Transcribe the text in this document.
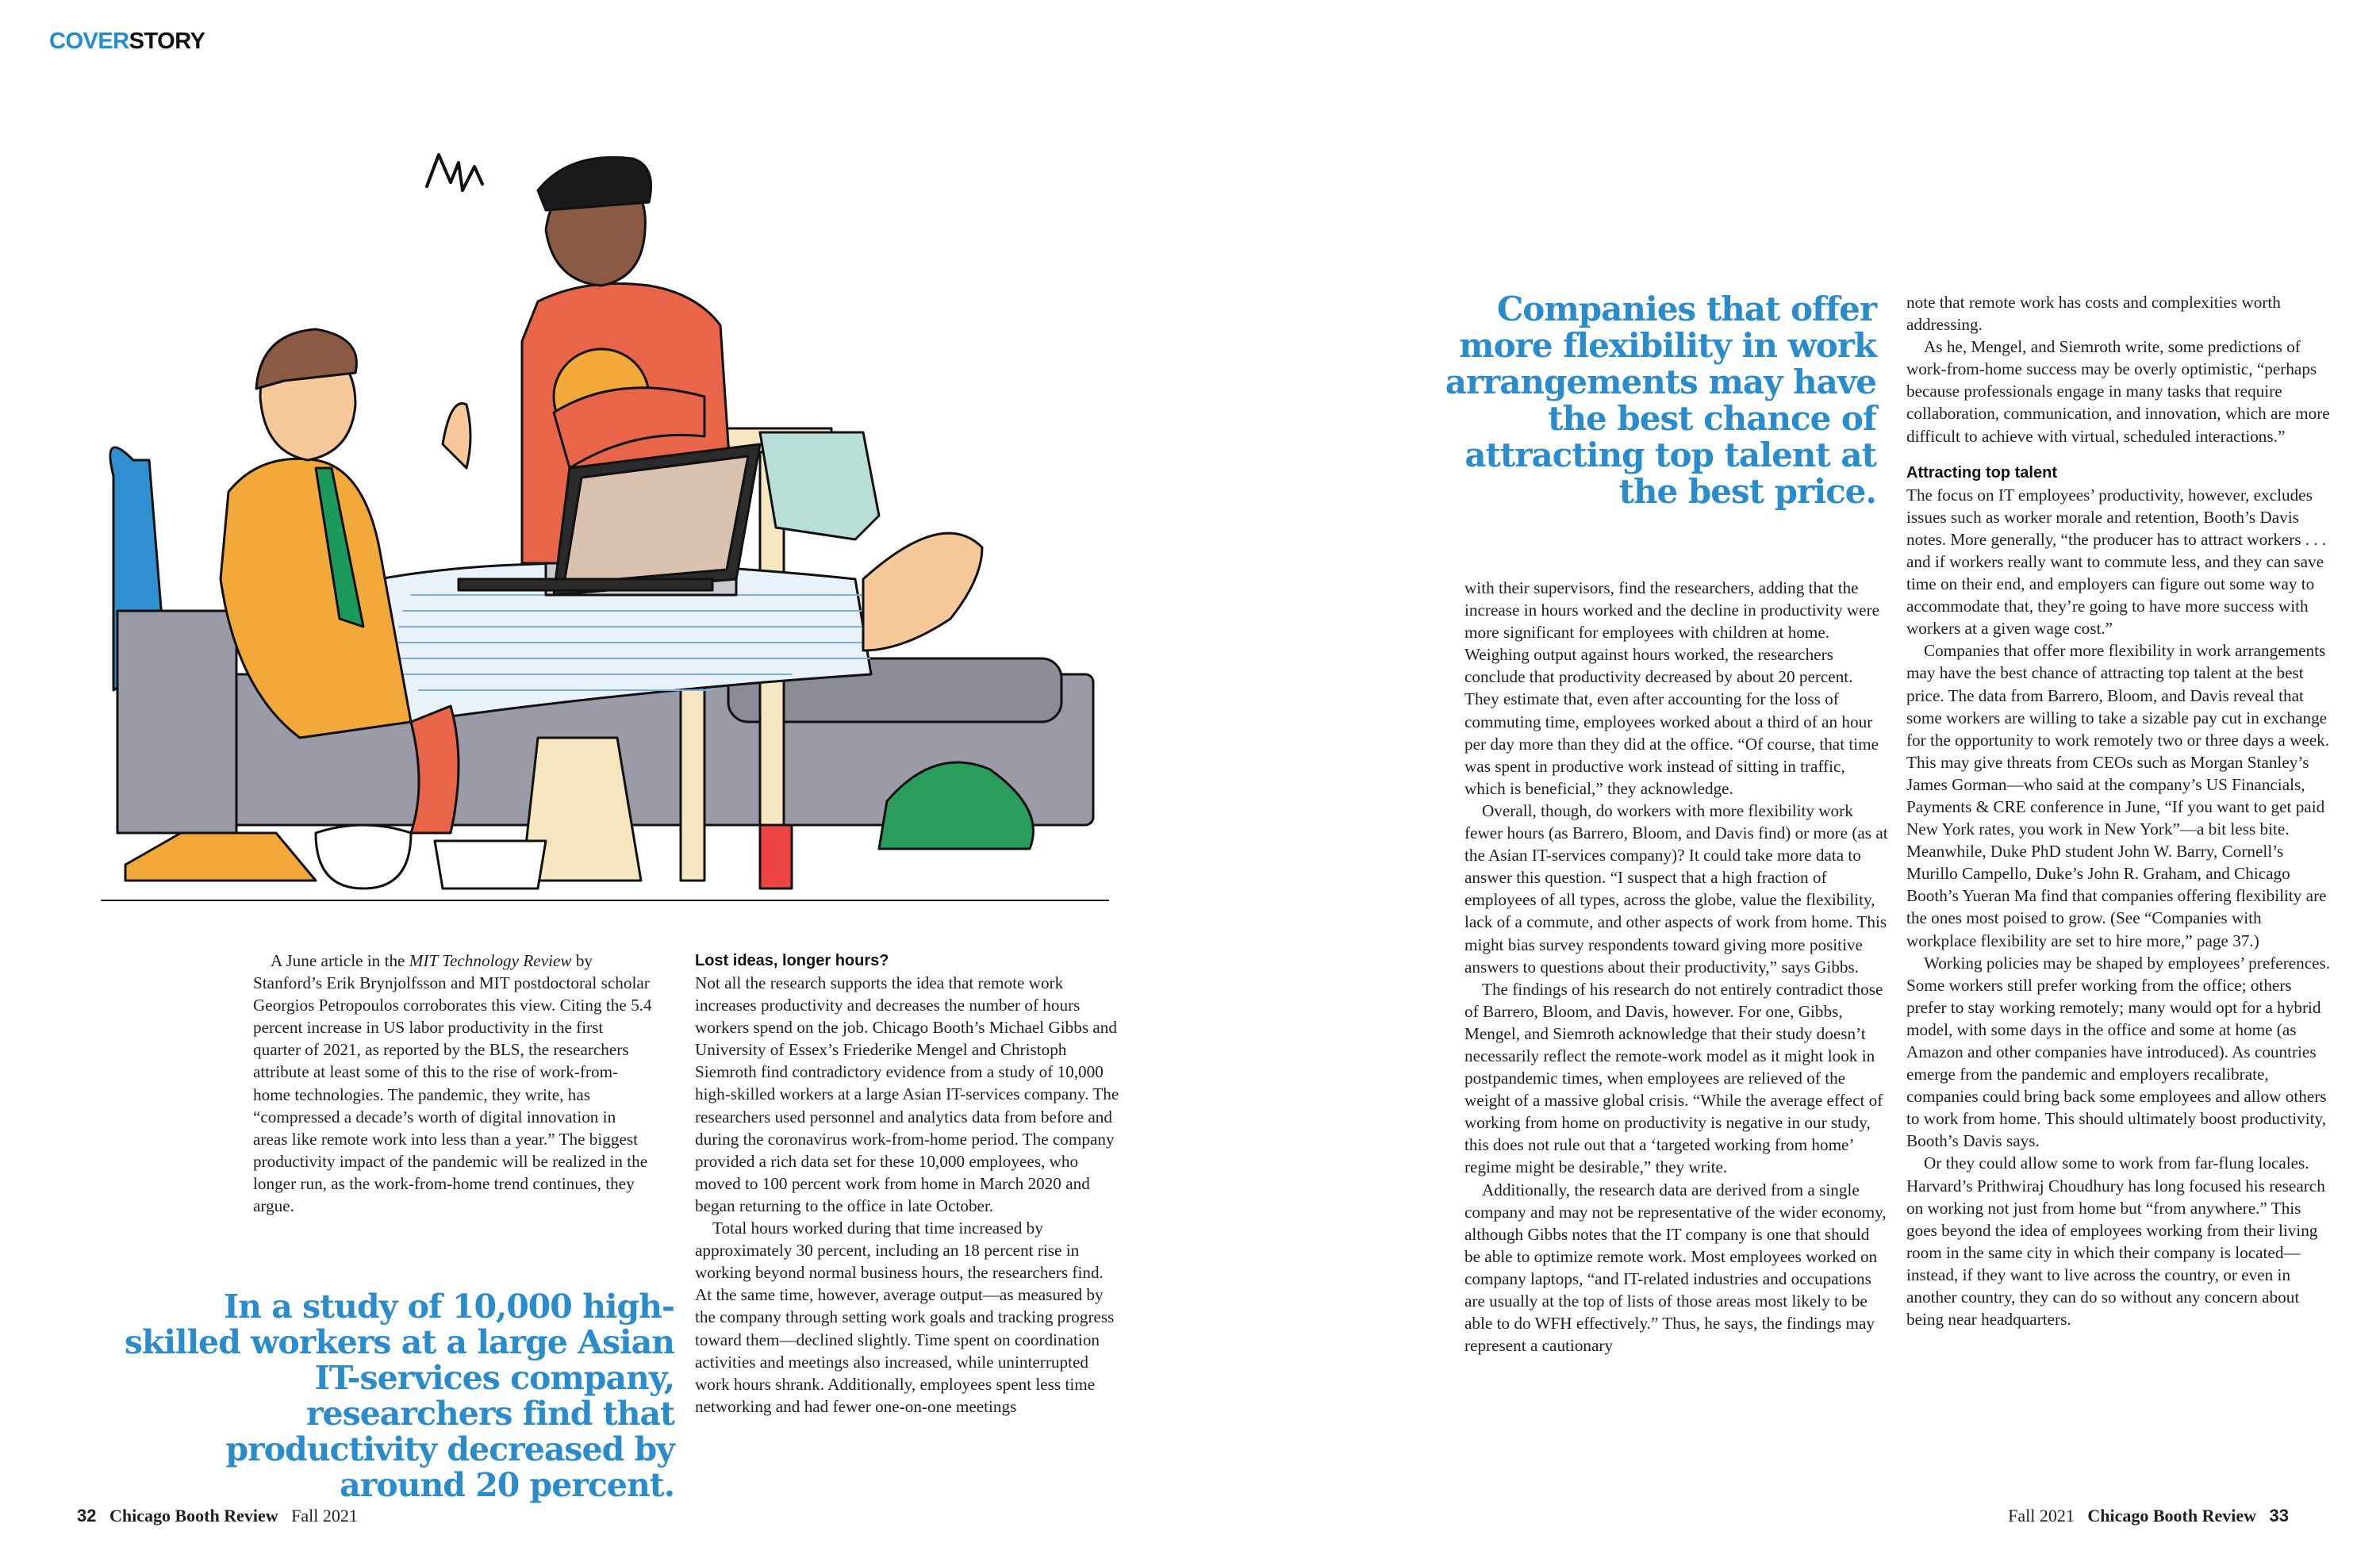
COVERSTORY

A June article in the MIT Technology Review by Stanford’s Erik Brynjolfsson and MIT postdoctoral scholar Georgios Petropoulos corroborates this view. Citing the 5.4 percent increase in US labor productivity in the first quarter of 2021, as reported by the BLS, the researchers attribute at least some of this to the rise of work-from-home technologies. The pandemic, they write, has “compressed a decade’s worth of digital innovation in areas like remote work into less than a year.” The biggest productivity impact of the pandemic will be realized in the longer run, as the work-from-home trend continues, they argue.

In a study of 10,000 high-skilled workers at a large Asian IT-services company, researchers find that productivity decreased by around 20 percent.
Lost ideas, longer hours?

Not all the research supports the idea that remote work increases productivity and decreases the number of hours workers spend on the job. Chicago Booth’s Michael Gibbs and University of Essex’s Friederike Mengel and Christoph Siemroth find contradictory evidence from a study of 10,000 high-skilled workers at a large Asian IT-services company. The researchers used personnel and analytics data from before and during the coronavirus work-from-home period. The company provided a rich data set for these 10,000 employees, who moved to 100 percent work from home in March 2020 and began returning to the office in late October.

Total hours worked during that time increased by approximately 30 percent, including an 18 percent rise in working beyond normal business hours, the researchers find. At the same time, however, average output—as measured by the company through setting work goals and tracking progress toward them—declined slightly. Time spent on coordination activities and meetings also increased, while uninterrupted work hours shrank. Additionally, employees spent less time networking and had fewer one-on-one meetings

Companies that offer more flexibility in work arrangements may have the best chance of attracting top talent at the best price.

with their supervisors, find the researchers, adding that the increase in hours worked and the decline in productivity were more significant for employees with children at home. Weighing output against hours worked, the researchers conclude that productivity decreased by about 20 percent. They estimate that, even after accounting for the loss of commuting time, employees worked about a third of an hour per day more than they did at the office. “Of course, that time was spent in productive work instead of sitting in traffic, which is beneficial,” they acknowledge.

Overall, though, do workers with more flexibility work fewer hours (as Barrero, Bloom, and Davis find) or more (as at the Asian IT-services company)? It could take more data to answer this question. “I suspect that a high fraction of employees of all types, across the globe, value the flexibility, lack of a commute, and other aspects of work from home. This might bias survey respondents toward giving more positive answers to questions about their productivity,” says Gibbs.

The findings of his research do not entirely contradict those of Barrero, Bloom, and Davis, however. For one, Gibbs, Mengel, and Siemroth acknowledge that their study doesn’t necessarily reflect the remote-work model as it might look in postpandemic times, when employees are relieved of the weight of a massive global crisis. “While the average effect of working from home on productivity is negative in our study, this does not rule out that a ‘targeted working from home’ regime might be desirable,” they write.

Additionally, the research data are derived from a single company and may not be representative of the wider economy, although Gibbs notes that the IT company is one that should be able to optimize remote work. Most employees worked on company laptops, “and IT-related industries and occupations are usually at the top of lists of those areas most likely to be able to do WFH effectively.” Thus, he says, the findings may represent a cautionary

note that remote work has costs and complexities worth addressing.

As he, Mengel, and Siemroth write, some predictions of work-from-home success may be overly optimistic, “perhaps because professionals engage in many tasks that require collaboration, communication, and innovation, which are more difficult to achieve with virtual, scheduled interactions.”

Attracting top talent

The focus on IT employees’ productivity, however, excludes issues such as worker morale and retention, Booth’s Davis notes. More generally, “the producer has to attract workers . . . and if workers really want to commute less, and they can save time on their end, and employers can figure out some way to accommodate that, they’re going to have more success with workers at a given wage cost.”

Companies that offer more flexibility in work arrangements may have the best chance of attracting top talent at the best price. The data from Barrero, Bloom, and Davis reveal that some workers are willing to take a sizable pay cut in exchange for the opportunity to work remotely two or three days a week. This may give threats from CEOs such as Morgan Stanley’s James Gorman—who said at the company’s US Financials, Payments & CRE conference in June, “If you want to get paid New York rates, you work in New York”—a bit less bite. Meanwhile, Duke PhD student John W. Barry, Cornell’s Murillo Campello, Duke’s John R. Graham, and Chicago Booth’s Yueran Ma find that companies offering flexibility are the ones most poised to grow. (See “Companies with workplace flexibility are set to hire more,” page 37.)

Working policies may be shaped by employees’ preferences. Some workers still prefer working from the office; others prefer to stay working remotely; many would opt for a hybrid model, with some days in the office and some at home (as Amazon and other companies have introduced). As countries emerge from the pandemic and employers recalibrate, companies could bring back some employees and allow others to work from home. This should ultimately boost productivity, Booth’s Davis says.

Or they could allow some to work from far-flung locales. Harvard’s Prithwiraj Choudhury has long focused his research on working not just from home but “from anywhere.” This goes beyond the idea of employees working from their living room in the same city in which their company is located—instead, if they want to live across the country, or even in another country, they can do so without any concern about being near headquarters.

32 Chicago Booth Review Fall 2021	Fall 2021 Chicago Booth Review 33
